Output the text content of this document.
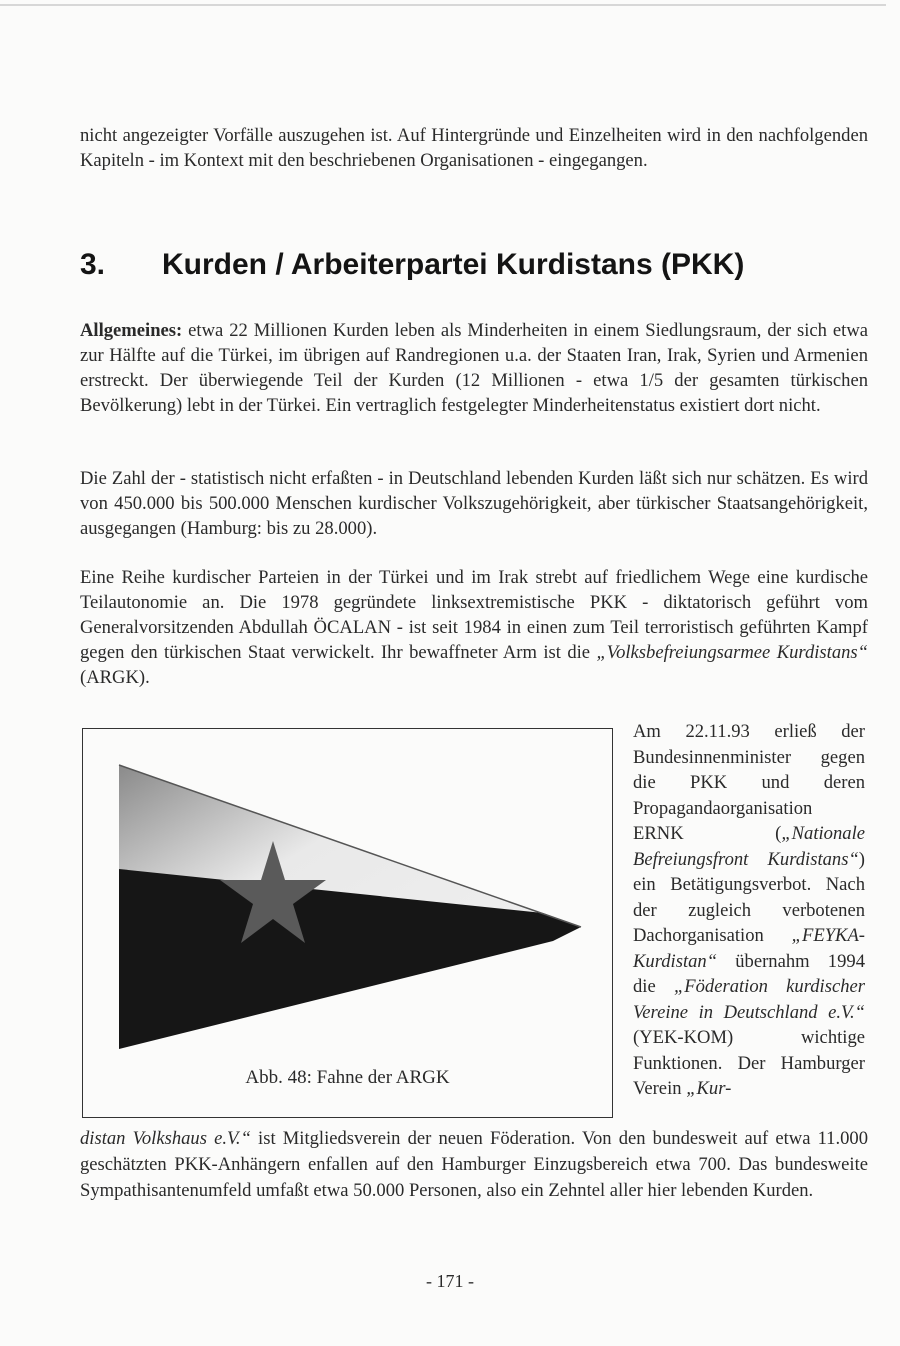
nicht angezeigter Vorfälle auszugehen ist. Auf Hintergründe und Einzelheiten wird in den nachfolgenden Kapiteln - im Kontext mit den beschriebenen Organisationen - eingegangen.

3. Kurden / Arbeiterpartei Kurdistans (PKK)

Allgemeines: etwa 22 Millionen Kurden leben als Minderheiten in einem Siedlungsraum, der sich etwa zur Hälfte auf die Türkei, im übrigen auf Randregionen u.a. der Staaten Iran, Irak, Syrien und Armenien erstreckt. Der überwiegende Teil der Kurden (12 Millionen - etwa 1/5 der gesamten türkischen Bevölkerung) lebt in der Türkei. Ein vertraglich festgelegter Minderheitenstatus existiert dort nicht.

Die Zahl der - statistisch nicht erfaßten - in Deutschland lebenden Kurden läßt sich nur schätzen. Es wird von 450.000 bis 500.000 Menschen kurdischer Volkszugehörigkeit, aber türkischer Staatsangehörigkeit, ausgegangen (Hamburg: bis zu 28.000).

Eine Reihe kurdischer Parteien in der Türkei und im Irak strebt auf friedlichem Wege eine kurdische Teilautonomie an. Die 1978 gegründete linksextremistische PKK - diktatorisch geführt vom Generalvorsitzenden Abdullah ÖCALAN - ist seit 1984 in einen zum Teil terroristisch geführten Kampf gegen den türkischen Staat verwickelt. Ihr bewaffneter Arm ist die „Volksbefreiungsarmee Kurdistans“ (ARGK).

Abb. 48: Fahne der ARGK

Am 22.11.93 erließ der Bundesinnenminister gegen die PKK und deren Propagandaorganisation ERNK („Nationale Befreiungsfront Kurdistans“) ein Betätigungsverbot. Nach der zugleich verbotenen Dachorganisation „FEYKA-Kurdistan“ übernahm 1994 die „Föderation kurdischer Vereine in Deutschland e.V.“ (YEK-KOM) wichtige Funktionen. Der Hamburger Verein „Kur-

distan Volkshaus e.V.“ ist Mitgliedsverein der neuen Föderation. Von den bundesweit auf etwa 11.000 geschätzten PKK-Anhängern enfallen auf den Hamburger Einzugsbereich etwa 700. Das bundesweite Sympathisantenumfeld umfaßt etwa 50.000 Personen, also ein Zehntel aller hier lebenden Kurden.

- 171 -
